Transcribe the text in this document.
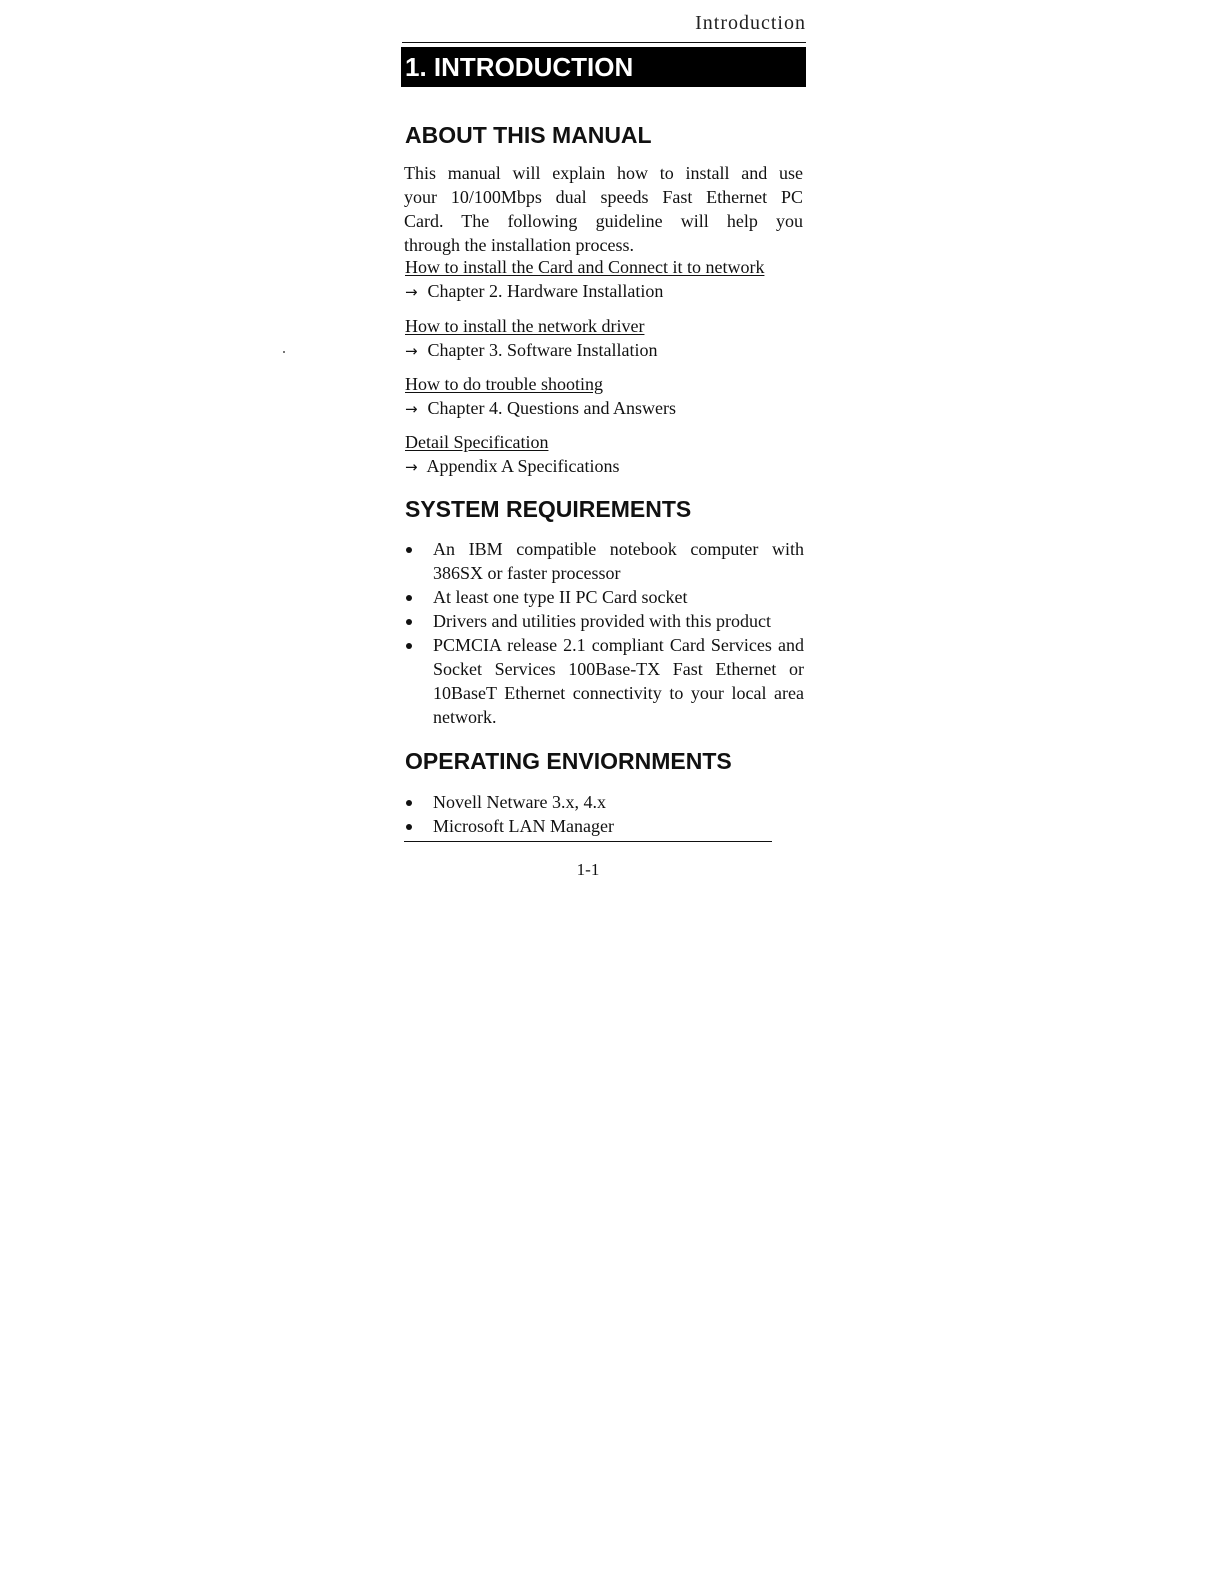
Introduction
1. INTRODUCTION
ABOUT THIS MANUAL

This manual will explain how to install and use
your 10/100Mbps dual speeds Fast Ethernet PC
Card. The following guideline will help you
through the installation process.

How to install the Card and Connect it to network
→ Chapter 2. Hardware Installation
How to install the network driver
→ Chapter 3. Software Installation
How to do trouble shooting
→ Chapter 4. Questions and Answers
Detail Specification
→ Appendix A Specifications
SYSTEM REQUIREMENTS
An IBM compatible notebook computer with 386SX or faster processor
At least one type II PC Card socket
Drivers and utilities provided with this product
PCMCIA release 2.1 compliant Card Services and Socket Services 100Base-TX Fast Ethernet or 10BaseT Ethernet connectivity to your local area network.
OPERATING ENVIORNMENTS
Novell Netware 3.x, 4.x
Microsoft LAN Manager
1-1
